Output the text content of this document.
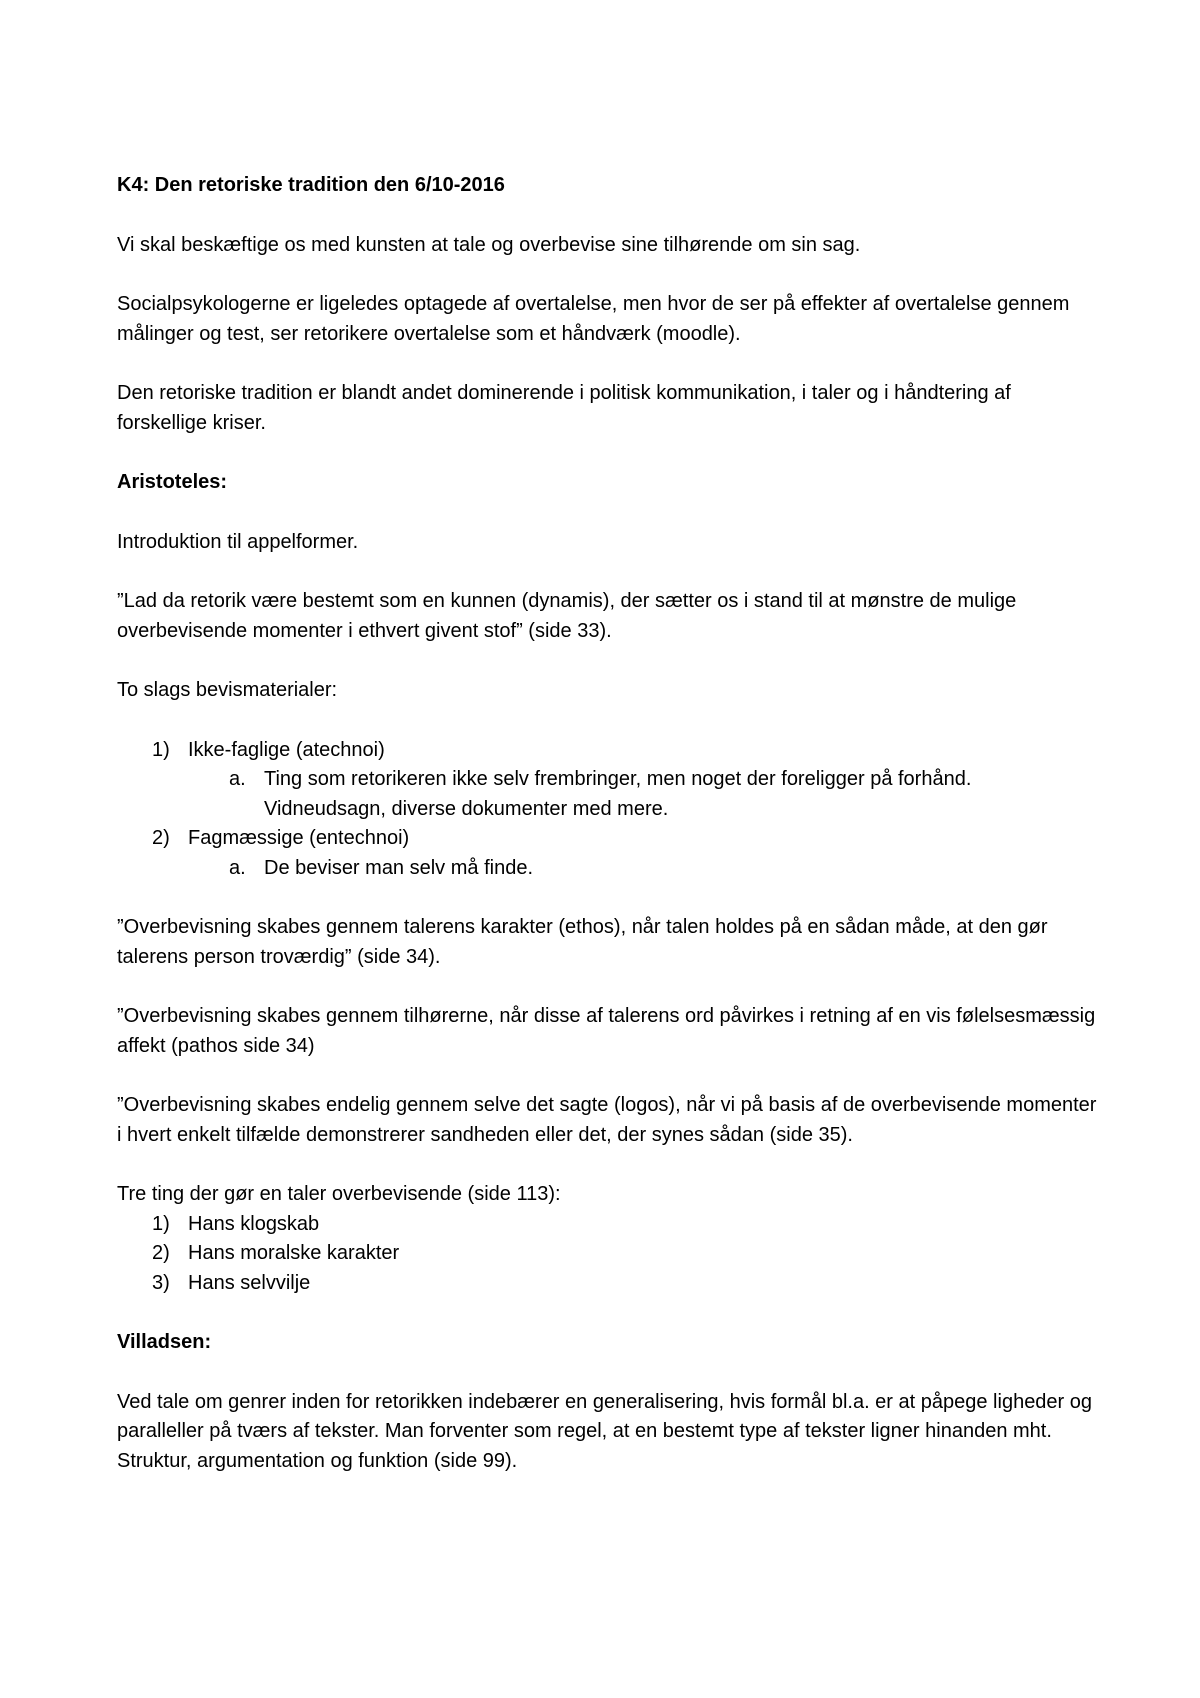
K4: Den retoriske tradition den 6/10-2016

Vi skal beskæftige os med kunsten at tale og overbevise sine tilhørende om sin sag.

Socialpsykologerne er ligeledes optagede af overtalelse, men hvor de ser på effekter af overtalelse gennem målinger og test, ser retorikere overtalelse som et håndværk (moodle).

Den retoriske tradition er blandt andet dominerende i politisk kommunikation, i taler og i håndtering af forskellige kriser.

Aristoteles:

Introduktion til appelformer.

”Lad da retorik være bestemt som en kunnen (dynamis), der sætter os i stand til at mønstre de mulige overbevisende momenter i ethvert givent stof” (side 33).

To slags bevismaterialer:

1) Ikke-faglige (atechnoi)
a. Ting som retorikeren ikke selv frembringer, men noget der foreligger på forhånd. Vidneudsagn, diverse dokumenter med mere.
2) Fagmæssige (entechnoi)
a. De beviser man selv må finde.

”Overbevisning skabes gennem talerens karakter (ethos), når talen holdes på en sådan måde, at den gør talerens person troværdig” (side 34).

”Overbevisning skabes gennem tilhørerne, når disse af talerens ord påvirkes i retning af en vis følelsesmæssig affekt (pathos side 34)

”Overbevisning skabes endelig gennem selve det sagte (logos), når vi på basis af de overbevisende momenter i hvert enkelt tilfælde demonstrerer sandheden eller det, der synes sådan (side 35).

Tre ting der gør en taler overbevisende (side 113):

1) Hans klogskab
2) Hans moralske karakter
3) Hans selvvilje

Villadsen:

Ved tale om genrer inden for retorikken indebærer en generalisering, hvis formål bl.a. er at påpege ligheder og paralleller på tværs af tekster. Man forventer som regel, at en bestemt type af tekster ligner hinanden mht. Struktur, argumentation og funktion (side 99).
